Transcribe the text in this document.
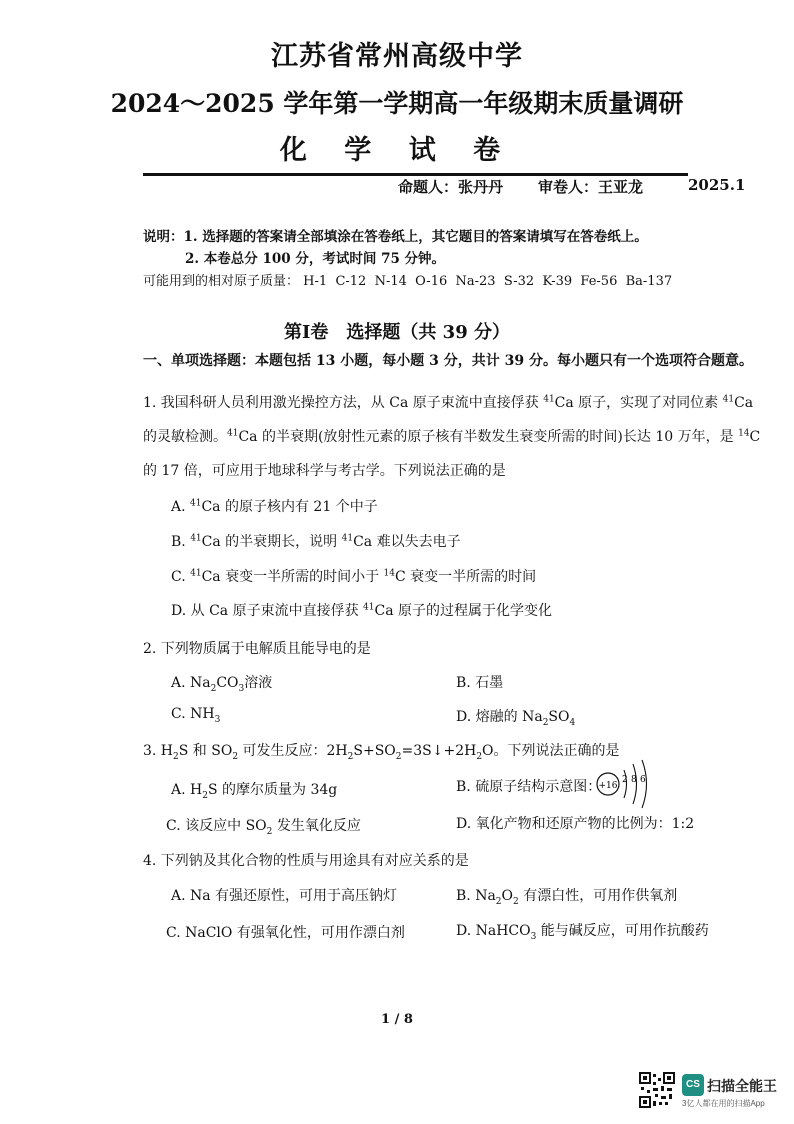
江苏省常州高级中学
2024～2025 学年第一学期高一年级期末质量调研
化 学 试 卷
命题人：张丹丹 审卷人：王亚龙	2025.1
说明：1. 选择题的答案请全部填涂在答卷纸上，其它题目的答案请填写在答卷纸上。
2. 本卷总分 100 分，考试时间 75 分钟。
可能用到的相对原子质量： H-1 C-12 N-14 O-16 Na-23 S-32 K-39 Fe-56 Ba-137
第Ⅰ卷　选择题（共 39 分）
一、单项选择题：本题包括 13 小题，每小题 3 分，共计 39 分。每小题只有一个选项符合题意。
1. 我国科研人员利用激光操控方法，从 Ca 原子束流中直接俘获 $^{41}$Ca 原子，实现了对同位素 $^{41}$Ca
的灵敏检测。$^{41}$Ca 的半衰期(放射性元素的原子核有半数发生衰变所需的时间)长达 10 万年，是 $^{14}$C
的 17 倍，可应用于地球科学与考古学。下列说法正确的是
A. $^{41}$Ca 的原子核内有 21 个中子
B. $^{41}$Ca 的半衰期长，说明 $^{41}$Ca 难以失去电子
C. $^{41}$Ca 衰变一半所需的时间小于 $^{14}$C 衰变一半所需的时间
D. 从 Ca 原子束流中直接俘获 $^{41}$Ca 原子的过程属于化学变化
2. 下列物质属于电解质且能导电的是
A. $Na_2CO_3$溶液	B. 石墨
C. $NH_3$	D. 熔融的 $Na_2SO_4$
3. $H_2S$ 和 $SO_2$ 可发生反应：$2H_2S+SO_2=3S↓+2H_2O$。下列说法正确的是
A. $H_2S$ 的摩尔质量为 34g	B. 硫原子结构示意图：
+16
2 8 6
C. 该反应中 $SO_2$ 发生氧化反应	D. 氧化产物和还原产物的比例为：1:2
4. 下列钠及其化合物的性质与用途具有对应关系的是
A. Na 有强还原性，可用于高压钠灯	B. $Na_2O_2$ 有漂白性，可用作供氧剂
C. NaClO 有强氧化性，可用作漂白剂	D. NaHCO$_3$ 能与碱反应，可用作抗酸药
1 / 8
CS 扫描全能王
3亿人都在用的扫描App
